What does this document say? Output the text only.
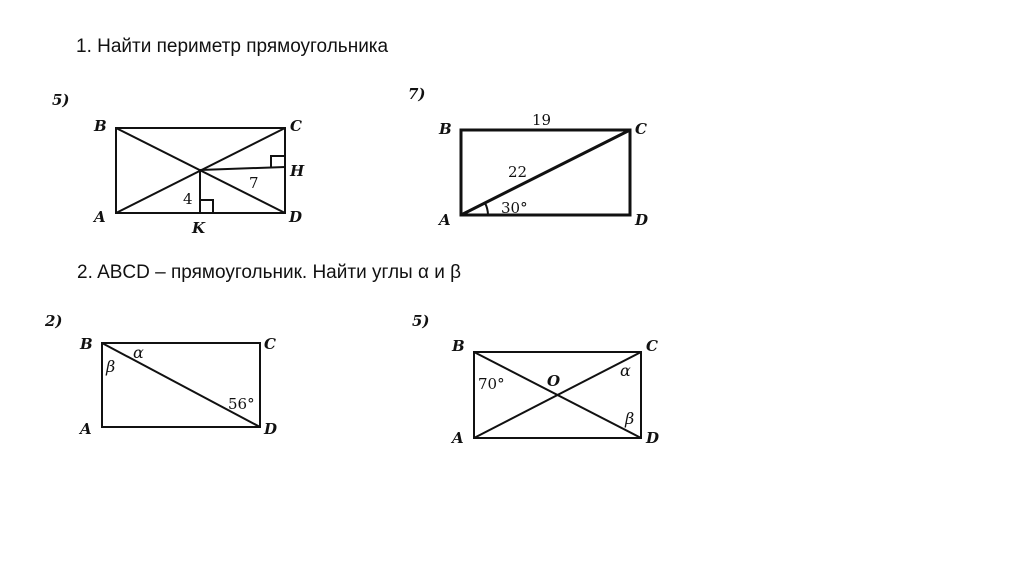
1. Найти периметр прямоугольника
2. ABCD – прямоугольник. Найти углы α и β
5)
B	C
A	D
H
K
7
4
7)
B	C
A	D
19
22
30°
2)
B	C
A	D
α
β
56°
5)
B	C
A	D
O
70°
α
β
